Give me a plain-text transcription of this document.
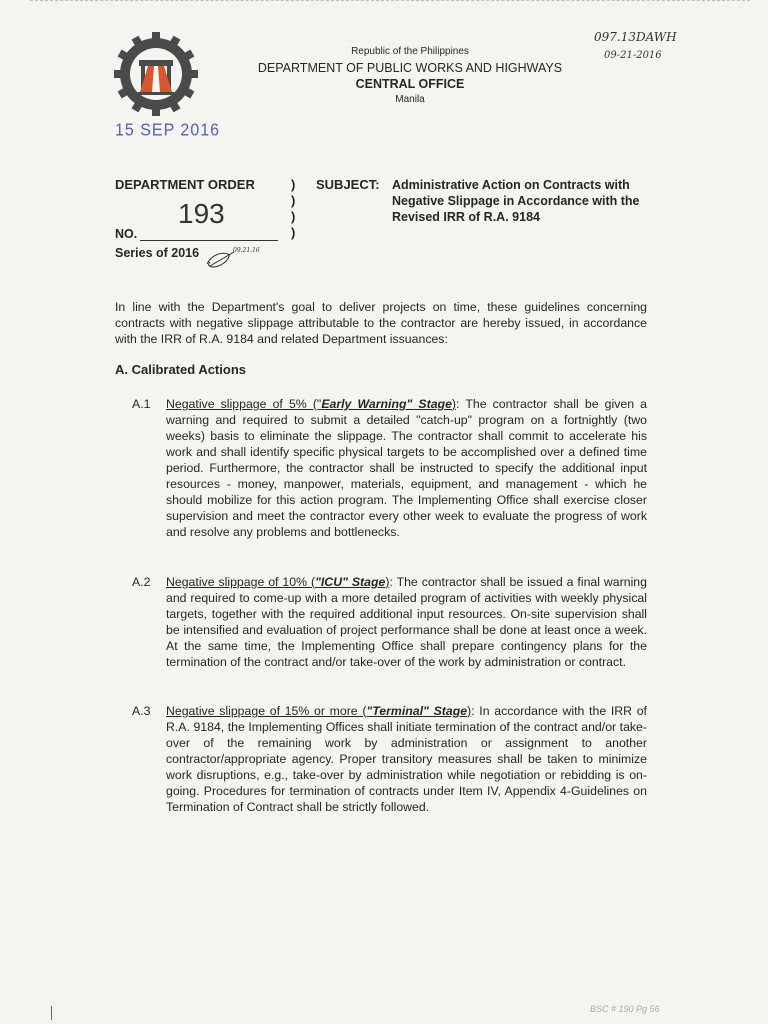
Republic of the Philippines
DEPARTMENT OF PUBLIC WORKS AND HIGHWAYS
CENTRAL OFFICE
Manila
097.13DAWH
09-21-2016
15 SEP 2016
DEPARTMENT ORDER	)
)
)
)
SUBJECT: Administrative Action on Contracts with Negative Slippage in Accordance with the Revised IRR of R.A. 9184
193
NO.
Series of 2016	09.21.16
In line with the Department's goal to deliver projects on time, these guidelines concerning contracts with negative slippage attributable to the contractor are hereby issued, in accordance with the IRR of R.A. 9184 and related Department issuances:
A. Calibrated Actions
A.1	Negative slippage of 5% ("Early Warning" Stage): The contractor shall be given a warning and required to submit a detailed "catch-up" program on a fortnightly (two weeks) basis to eliminate the slippage. The contractor shall commit to accelerate his work and shall identify specific physical targets to be accomplished over a defined time period. Furthermore, the contractor shall be instructed to specify the additional input resources - money, manpower, materials, equipment, and management - which he should mobilize for this action program. The Implementing Office shall exercise closer supervision and meet the contractor every other week to evaluate the progress of work and resolve any problems and bottlenecks.
A.2	Negative slippage of 10% ("ICU" Stage): The contractor shall be issued a final warning and required to come-up with a more detailed program of activities with weekly physical targets, together with the required additional input resources. On-site supervision shall be intensified and evaluation of project performance shall be done at least once a week. At the same time, the Implementing Office shall prepare contingency plans for the termination of the contract and/or take-over of the work by administration or contract.
A.3	Negative slippage of 15% or more ("Terminal" Stage): In accordance with the IRR of R.A. 9184, the Implementing Offices shall initiate termination of the contract and/or take-over of the remaining work by administration or assignment to another contractor/appropriate agency. Proper transitory measures shall be taken to minimize work disruptions, e.g., take-over by administration while negotiation or rebidding is on-going. Procedures for termination of contracts under Item IV, Appendix 4-Guidelines on Termination of Contract shall be strictly followed.
BSC # 190 Pg 56
